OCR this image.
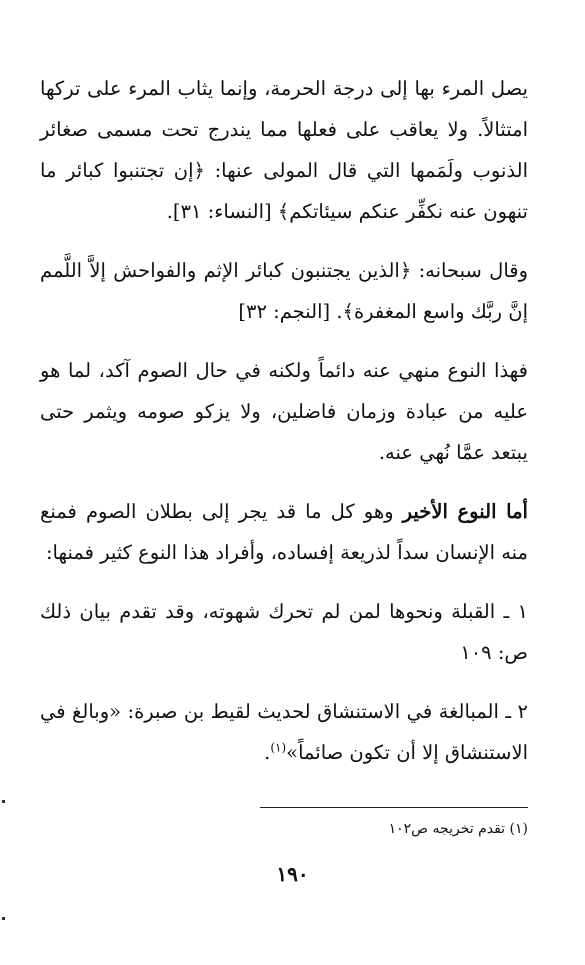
يصل المرء بها إلى درجة الحرمة، وإنما يثاب المرء على تركها امتثالاً. ولا يعاقب على فعلها مما يندرج تحت مسمى صغائر الذنوب ولَمَمها التي قال المولى عنها: ﴿إن تجتنبوا كبائر ما تنهون عنه نكفِّر عنكم سيئاتكم﴾ [النساء: ٣١].

وقال سبحانه: ﴿الذين يجتنبون كبائر الإثم والفواحش إلاَّ اللَّمم إنَّ ربَّك واسع المغفرة﴾. [النجم: ٣٢]

فهذا النوع منهي عنه دائماً ولكنه في حال الصوم آكد، لما هو عليه من عبادة وزمان فاضلين، ولا يزكو صومه ويثمر حتى يبتعد عمَّا نُهي عنه.

أما النوع الأخير وهو كل ما قد يجر إلى بطلان الصوم فمنع منه الإنسان سداً لذريعة إفساده، وأفراد هذا النوع كثير فمنها:

١ ـ القبلة ونحوها لمن لم تحرك شهوته، وقد تقدم بيان ذلك ص: ١٠٩

٢ ـ المبالغة في الاستنشاق لحديث لقيط بن صبرة: «وبالغ في الاستنشاق إلا أن تكون صائماً»$^{(١)}$.

(١) تقدم تخريجه ص١٠٢
١٩٠
